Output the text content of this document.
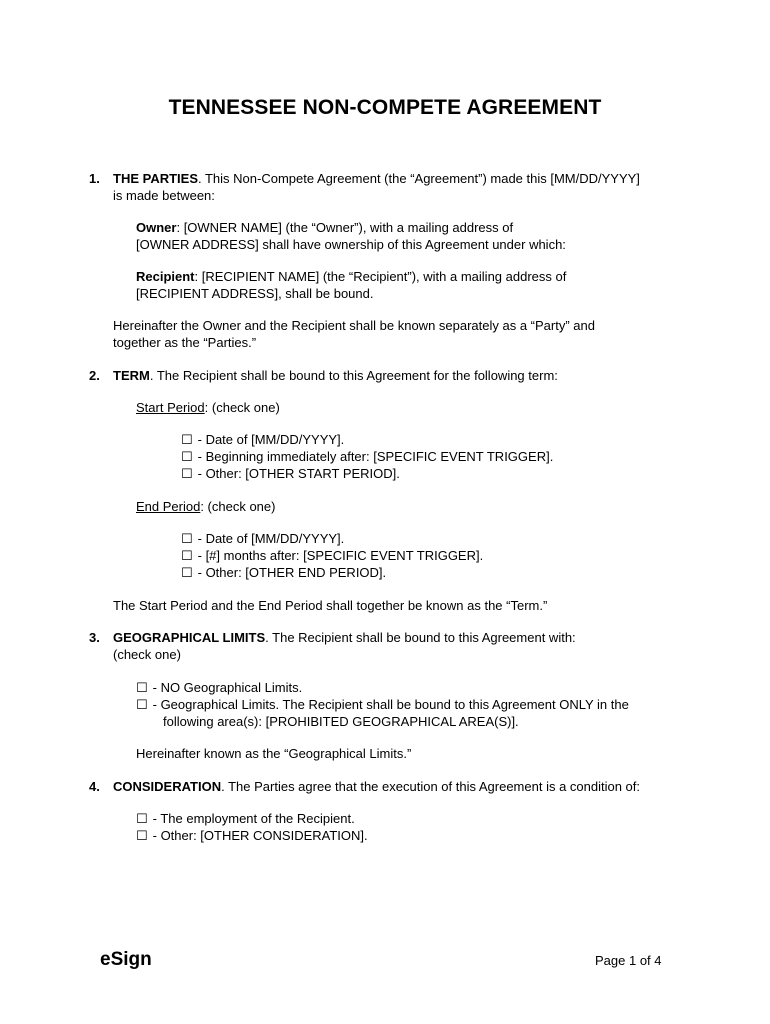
TENNESSEE NON-COMPETE AGREEMENT
1. THE PARTIES. This Non-Compete Agreement (the “Agreement”) made this [MM/DD/YYYY]
is made between:
Owner: [OWNER NAME] (the “Owner”), with a mailing address of
[OWNER ADDRESS] shall have ownership of this Agreement under which:
Recipient: [RECIPIENT NAME] (the “Recipient”), with a mailing address of
[RECIPIENT ADDRESS], shall be bound.
Hereinafter the Owner and the Recipient shall be known separately as a “Party” and
together as the “Parties.”
2. TERM. The Recipient shall be bound to this Agreement for the following term:
Start Period: (check one)
☐ - Date of [MM/DD/YYYY].
☐ - Beginning immediately after: [SPECIFIC EVENT TRIGGER].
☐ - Other: [OTHER START PERIOD].
End Period: (check one)
☐ - Date of [MM/DD/YYYY].
☐ - [#] months after: [SPECIFIC EVENT TRIGGER].
☐ - Other: [OTHER END PERIOD].
The Start Period and the End Period shall together be known as the “Term.”
3. GEOGRAPHICAL LIMITS. The Recipient shall be bound to this Agreement with:
(check one)
☐ - NO Geographical Limits.
☐ - Geographical Limits. The Recipient shall be bound to this Agreement ONLY in the
following area(s): [PROHIBITED GEOGRAPHICAL AREA(S)].
Hereinafter known as the “Geographical Limits.”
4. CONSIDERATION. The Parties agree that the execution of this Agreement is a condition of:
☐ - The employment of the Recipient.
☐ - Other: [OTHER CONSIDERATION].
eSign	Page 1 of 4
